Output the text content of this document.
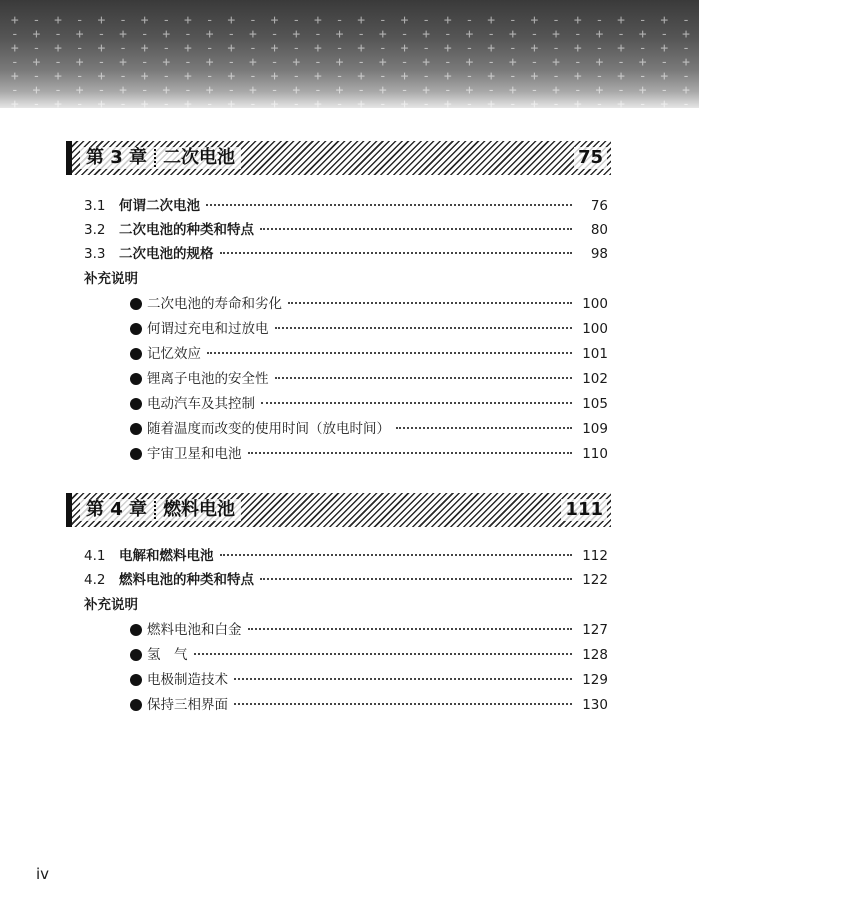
+ - + - + - + - + - + - + - + - + - + - + - + - + - + - + - + - + - + - + - +
- + - + - + - + - + - + - + - + - + - + - + - + - + - + - + - + - + - + - + -
+ - + - + - + - + - + - + - + - + - + - + - + - + - + - + - + - + - + - + - +
- + - + - + - + - + - + - + - + - + - + - + - + - + - + - + - + - + - + - + -
+ - + - + - + - + - + - + - + - + - + - + - + - + - + - + - + - + - + - + - +
- + - + - + - + - + - + - + - + - + - + - + - + - + - + - + - + - + - + - + -
+ - + - + - + - + - + - + - + - + - + - + - + - + - + - + - + - + - + - + - +

第 3 章 二次电池	75
3.1	何谓二次电池	76
3.2	二次电池的种类和特点	80
3.3	二次电池的规格	98
补充说明
二次电池的寿命和劣化	100
何谓过充电和过放电	100
记忆效应	101
锂离子电池的安全性	102
电动汽车及其控制	105
随着温度而改变的使用时间（放电时间）	109
宇宙卫星和电池	110
第 4 章 燃料电池	111
4.1	电解和燃料电池	112
4.2	燃料电池的种类和特点	122
补充说明
燃料电池和白金	127
氢　气	128
电极制造技术	129
保持三相界面	130
iv
